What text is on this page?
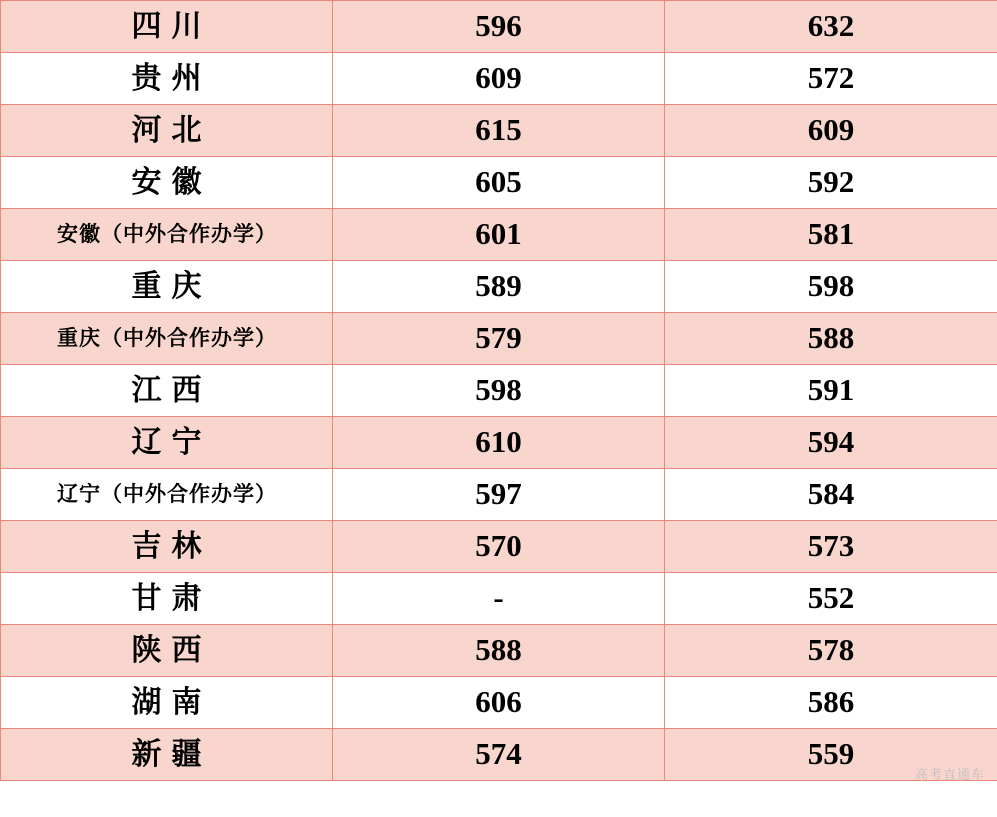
四川	596	632
贵州	609	572
河北	615	609
安徽	605	592
安徽（中外合作办学）	601	581
重庆	589	598
重庆（中外合作办学）	579	588
江西	598	591
辽宁	610	594
辽宁（中外合作办学）	597	584
吉林	570	573
甘肃	-	552
陕西	588	578
湖南	606	586
新疆	574	559
高考直通车
